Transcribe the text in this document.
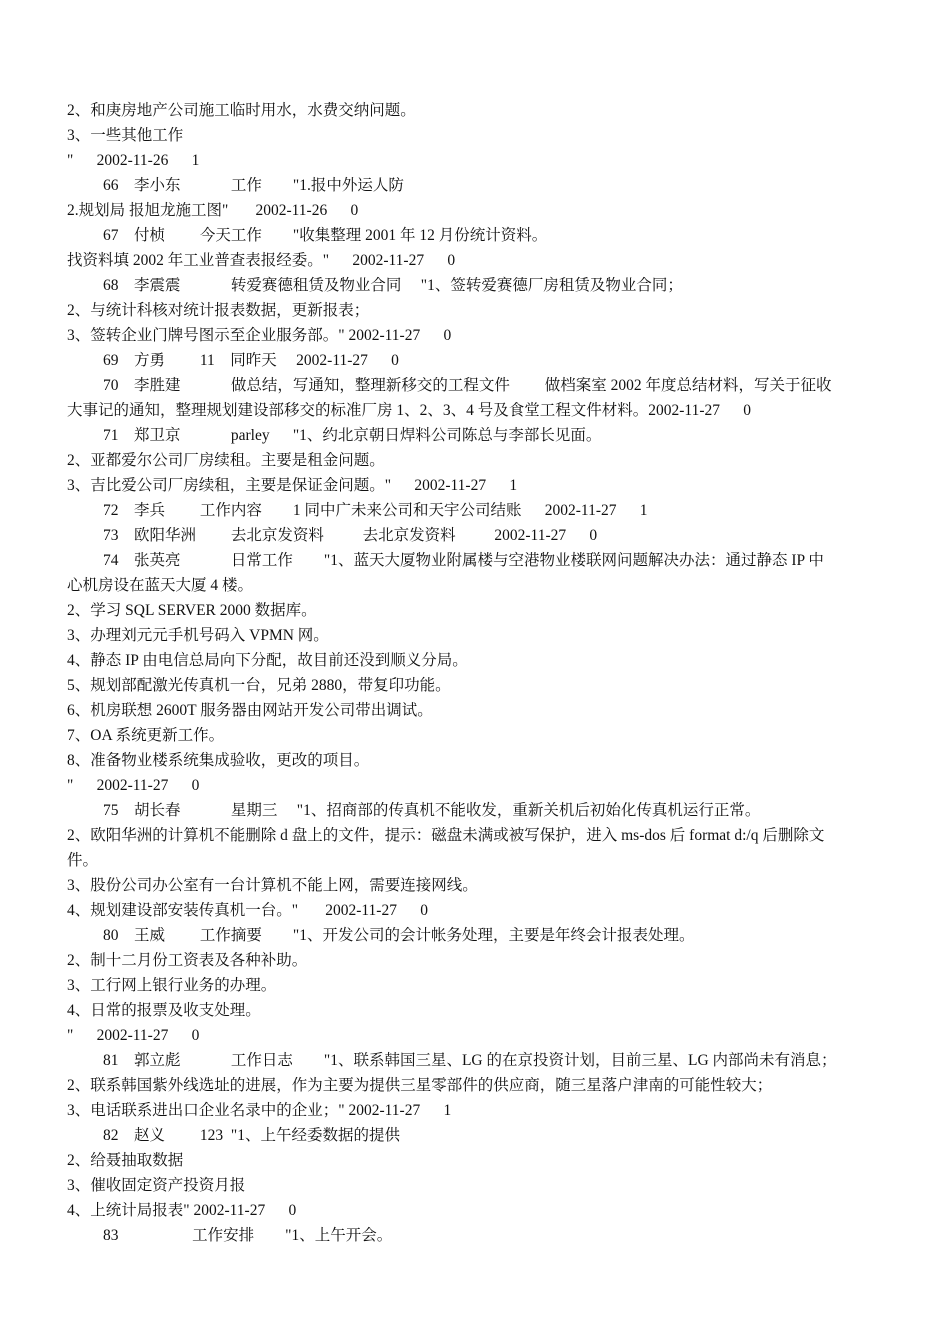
2、和庚房地产公司施工临时用水，水费交纳问题。
3、一些其他工作
"      2002-11-26      1
66    李小东             工作        "1.报中外运人防
2.规划局 报旭龙施工图"       2002-11-26      0
67    付桢         今天工作        "收集整理 2001 年 12 月份统计资料。
找资料填 2002 年工业普查表报经委。"      2002-11-27      0
68    李震震             转爱赛德租赁及物业合同     "1、签转爱赛德厂房租赁及物业合同；
2、与统计科核对统计报表数据，更新报表；
3、签转企业门牌号图示至企业服务部。" 2002-11-27      0
69    方勇         11    同昨天     2002-11-27      0
70    李胜建             做总结，写通知，整理新移交的工程文件         做档案室 2002 年度总结材料，写关于征收
大事记的通知，整理规划建设部移交的标准厂房 1、2、3、4 号及食堂工程文件材料。2002-11-27      0
71    郑卫京             parley      "1、约北京朝日焊料公司陈总与李部长见面。
2、亚都爱尔公司厂房续租。主要是租金问题。
3、吉比爱公司厂房续租，主要是保证金问题。"      2002-11-27      1
72    李兵         工作内容        1 同中广未来公司和天宇公司结账      2002-11-27      1
73    欧阳华洲         去北京发资料          去北京发资料          2002-11-27      0
74    张英亮             日常工作        "1、蓝天大厦物业附属楼与空港物业楼联网问题解决办法：通过静态 IP 中
心机房设在蓝天大厦 4 楼。
2、学习 SQL SERVER 2000 数据库。
3、办理刘元元手机号码入 VPMN 网。
4、静态 IP 由电信总局向下分配，故目前还没到顺义分局。
5、规划部配激光传真机一台，兄弟 2880，带复印功能。
6、机房联想 2600T 服务器由网站开发公司带出调试。
7、OA 系统更新工作。
8、准备物业楼系统集成验收，更改的项目。
"      2002-11-27      0
75    胡长春             星期三     "1、招商部的传真机不能收发，重新关机后初始化传真机运行正常。
2、欧阳华洲的计算机不能删除 d 盘上的文件，提示：磁盘未满或被写保护，进入 ms-dos 后 format d:/q 后删除文
件。
3、股份公司办公室有一台计算机不能上网，需要连接网线。
4、规划建设部安装传真机一台。"       2002-11-27      0
80    王威         工作摘要        "1、开发公司的会计帐务处理，主要是年终会计报表处理。
2、制十二月份工资表及各种补助。
3、工行网上银行业务的办理。
4、日常的报票及收支处理。
"      2002-11-27      0
81    郭立彪             工作日志        "1、联系韩国三星、LG 的在京投资计划，目前三星、LG 内部尚未有消息；
2、联系韩国紫外线选址的进展，作为主要为提供三星零部件的供应商，随三星落户津南的可能性较大；
3、电话联系进出口企业名录中的企业；" 2002-11-27      1
82    赵义         123  "1、上午经委数据的提供
2、给聂抽取数据
3、催收固定资产投资月报
4、上统计局报表" 2002-11-27      0
83                   工作安排        "1、上午开会。
